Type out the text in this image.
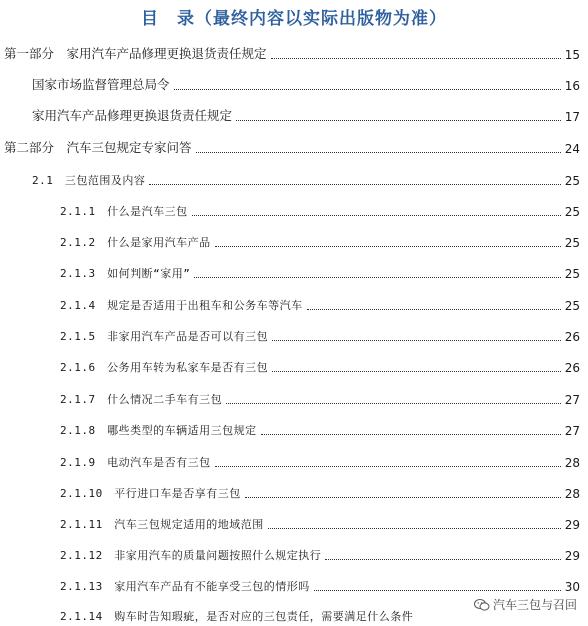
目　录（最终内容以实际出版物为准）
第一部分　家用汽车产品修理更换退货责任规定	15
国家市场监督管理总局令	16
家用汽车产品修理更换退货责任规定	17
第二部分　汽车三包规定专家问答	24
2.1　三包范围及内容	25
2.1.1　什么是汽车三包	25
2.1.2　什么是家用汽车产品	25
2.1.3　如何判断“家用”	25
2.1.4　规定是否适用于出租车和公务车等汽车	25
2.1.5　非家用汽车产品是否可以有三包	26
2.1.6　公务用车转为私家车是否有三包	26
2.1.7　什么情况二手车有三包	27
2.1.8　哪些类型的车辆适用三包规定	27
2.1.9　电动汽车是否有三包	28
2.1.10　平行进口车是否享有三包	28
2.1.11　汽车三包规定适用的地域范围	29
2.1.12　非家用汽车的质量问题按照什么规定执行	29
2.1.13　家用汽车产品有不能享受三包的情形吗	30
2.1.14　购车时告知瑕疵，是否对应的三包责任，需要满足什么条件
汽车三包与召回
